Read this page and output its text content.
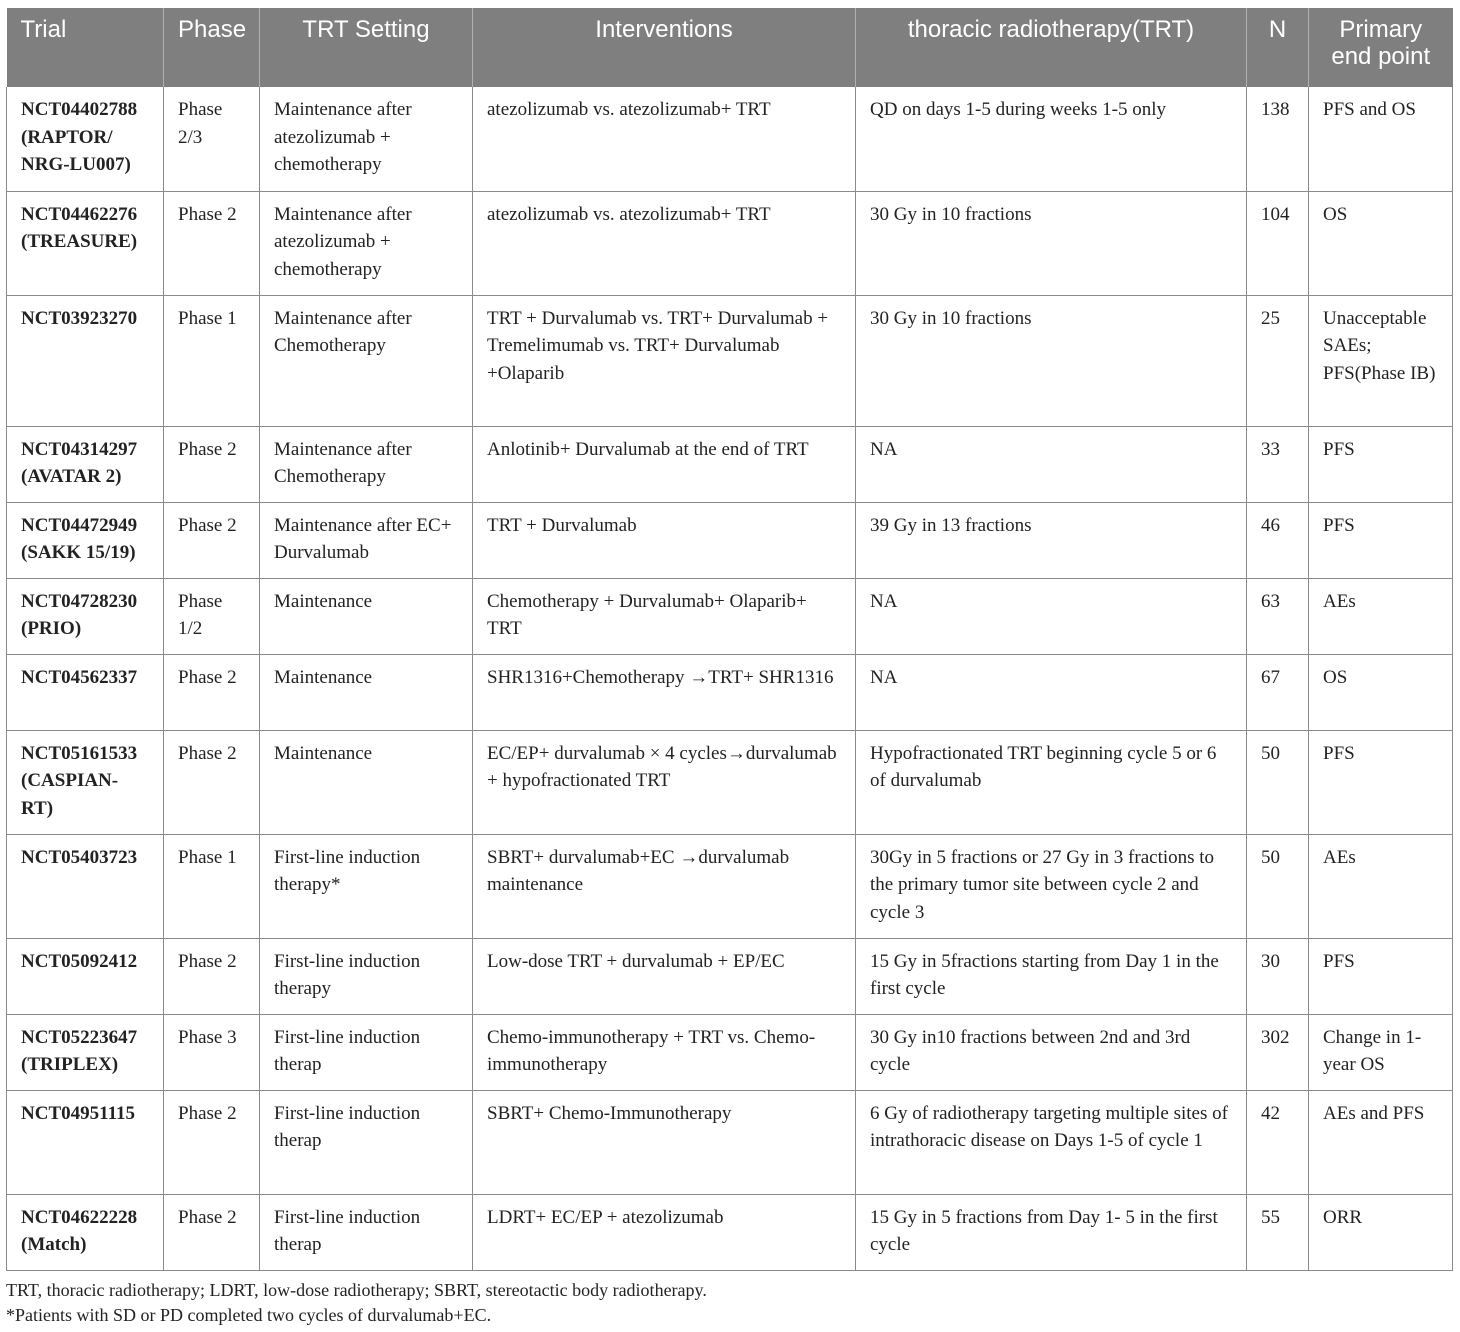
Trial	Phase	TRT Setting	Interventions	thoracic radiotherapy(TRT)	N	Primary end point
NCT04402788 (RAPTOR/ NRG-LU007)	Phase 2/3	Maintenance after atezolizumab + chemotherapy	atezolizumab vs. atezolizumab+ TRT	QD on days 1-5 during weeks 1-5 only	138	PFS and OS
NCT04462276 (TREASURE)	Phase 2	Maintenance after atezolizumab + chemotherapy	atezolizumab vs. atezolizumab+ TRT	30 Gy in 10 fractions	104	OS
NCT03923270	Phase 1	Maintenance after Chemotherapy	TRT + Durvalumab vs. TRT+ Durvalumab + Tremelimumab vs. TRT+ Durvalumab +Olaparib	30 Gy in 10 fractions	25	Unacceptable SAEs; PFS(Phase IB)
NCT04314297 (AVATAR 2)	Phase 2	Maintenance after Chemotherapy	Anlotinib+ Durvalumab at the end of TRT	NA	33	PFS
NCT04472949 (SAKK 15/19)	Phase 2	Maintenance after EC+ Durvalumab	TRT + Durvalumab	39 Gy in 13 fractions	46	PFS
NCT04728230 (PRIO)	Phase 1/2	Maintenance	Chemotherapy + Durvalumab+ Olaparib+ TRT	NA	63	AEs
NCT04562337	Phase 2	Maintenance	SHR1316+Chemotherapy →TRT+ SHR1316	NA	67	OS
NCT05161533 (CASPIAN-RT)	Phase 2	Maintenance	EC/EP+ durvalumab × 4 cycles→durvalumab + hypofractionated TRT	Hypofractionated TRT beginning cycle 5 or 6 of durvalumab	50	PFS
NCT05403723	Phase 1	First-line induction therapy*	SBRT+ durvalumab+EC →durvalumab maintenance	30Gy in 5 fractions or 27 Gy in 3 fractions to the primary tumor site between cycle 2 and cycle 3	50	AEs
NCT05092412	Phase 2	First-line induction therapy	Low-dose TRT + durvalumab + EP/EC	15 Gy in 5fractions starting from Day 1 in the first cycle	30	PFS
NCT05223647 (TRIPLEX)	Phase 3	First-line induction therap	Chemo-immunotherapy + TRT vs. Chemo-immunotherapy	30 Gy in10 fractions between 2nd and 3rd cycle	302	Change in 1-year OS
NCT04951115	Phase 2	First-line induction therap	SBRT+ Chemo-Immunotherapy	6 Gy of radiotherapy targeting multiple sites of intrathoracic disease on Days 1-5 of cycle 1	42	AEs and PFS
NCT04622228 (Match)	Phase 2	First-line induction therap	LDRT+ EC/EP + atezolizumab	15 Gy in 5 fractions from Day 1- 5 in the first cycle	55	ORR
TRT, thoracic radiotherapy; LDRT, low-dose radiotherapy; SBRT, stereotactic body radiotherapy.
*Patients with SD or PD completed two cycles of durvalumab+EC.
